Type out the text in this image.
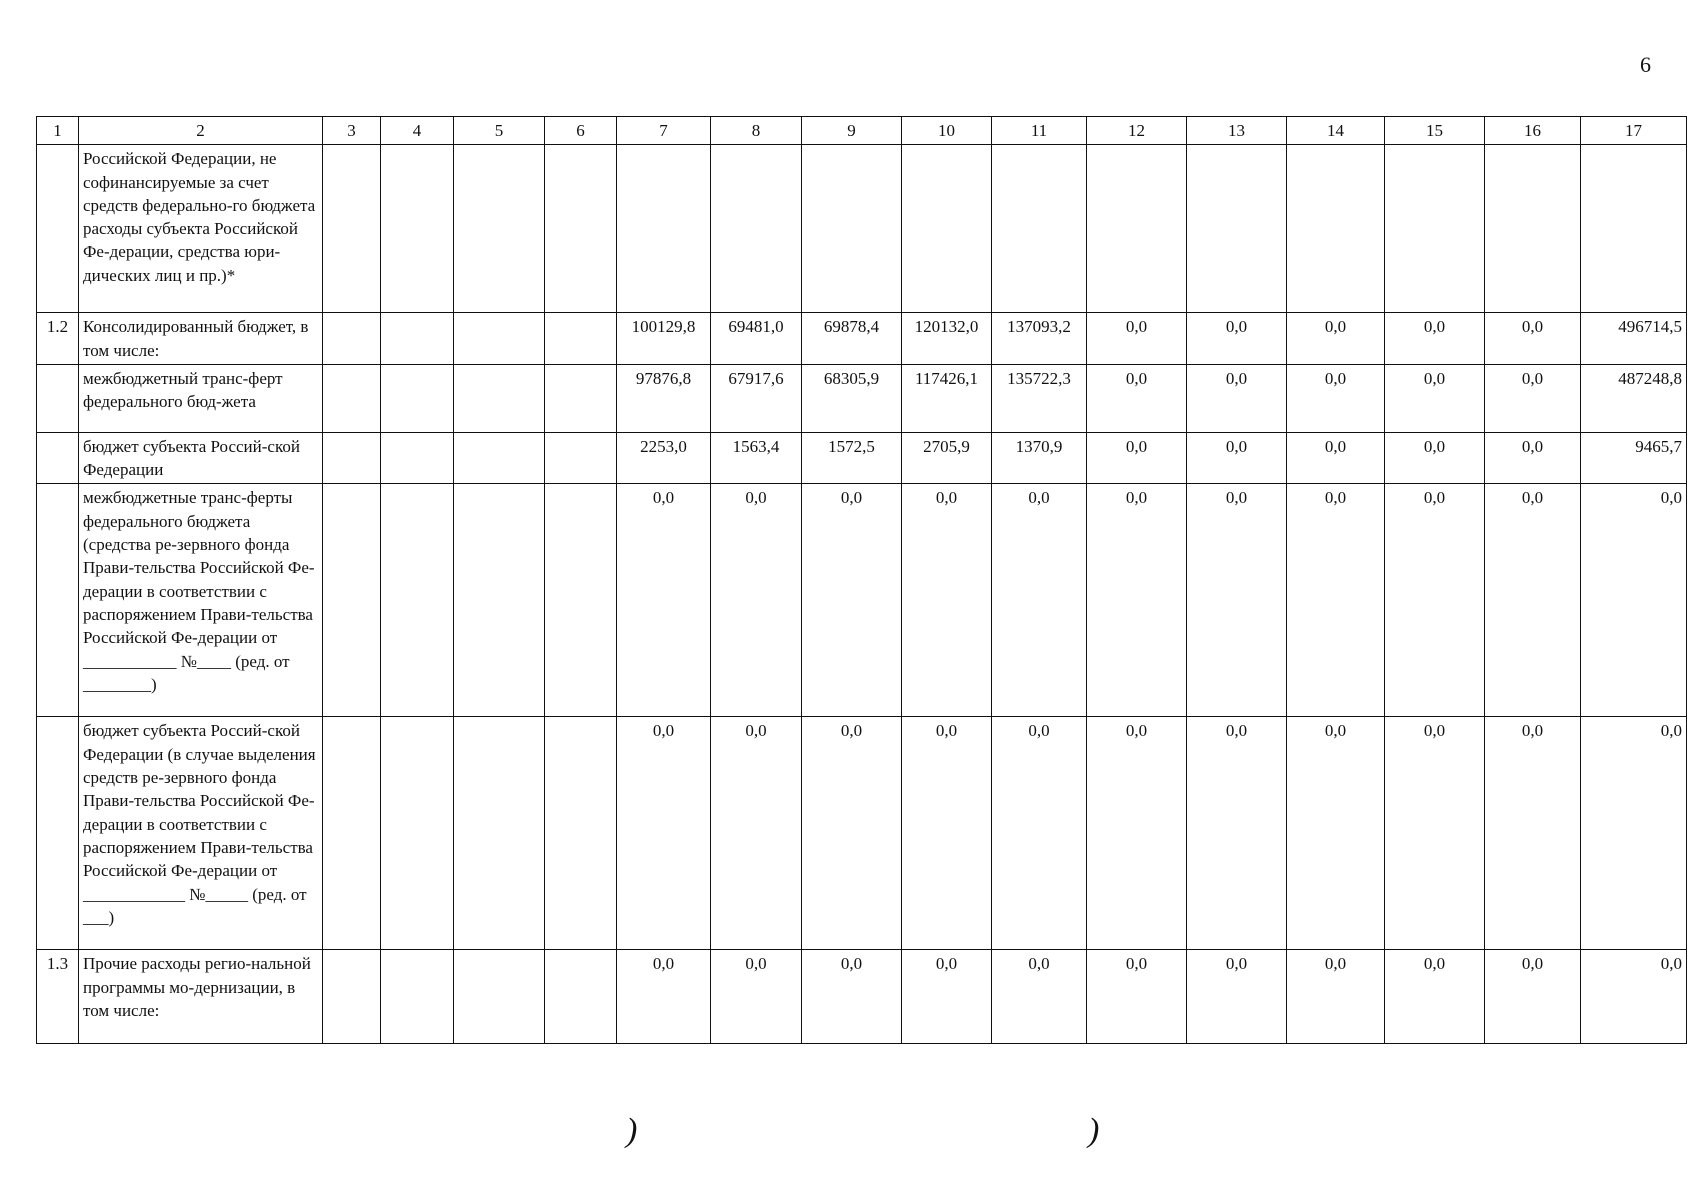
6
1	2	3	4	5	6	7	8	9	10	11	12	13	14	15	16	17
	Российской Федерации, не софинансируемые за счет средств федерально-го бюджета расходы субъекта Российской Фе-дерации, средства юри-дических лиц и пр.)*															
1.2	Консолидированный бюджет, в том числе:					100129,8	69481,0	69878,4	120132,0	137093,2	0,0	0,0	0,0	0,0	0,0	496714,5
	межбюджетный транс-ферт федерального бюд-жета					97876,8	67917,6	68305,9	117426,1	135722,3	0,0	0,0	0,0	0,0	0,0	487248,8
	бюджет субъекта Россий-ской Федерации					2253,0	1563,4	1572,5	2705,9	1370,9	0,0	0,0	0,0	0,0	0,0	9465,7
	межбюджетные транс-ферты федерального бюджета (средства ре-зервного фонда Прави-тельства Российской Фе-дерации в соответствии с распоряжением Прави-тельства Российской Фе-дерации от ___________ №____ (ред. от ________)					0,0	0,0	0,0	0,0	0,0	0,0	0,0	0,0	0,0	0,0	0,0
	бюджет субъекта Россий-ской Федерации (в случае выделения средств ре-зервного фонда Прави-тельства Российской Фе-дерации в соответствии с распоряжением Прави-тельства Российской Фе-дерации от ____________ №_____ (ред. от ___)					0,0	0,0	0,0	0,0	0,0	0,0	0,0	0,0	0,0	0,0	0,0
1.3	Прочие расходы регио-нальной программы мо-дернизации, в том числе:					0,0	0,0	0,0	0,0	0,0	0,0	0,0	0,0	0,0	0,0	0,0
)	)
